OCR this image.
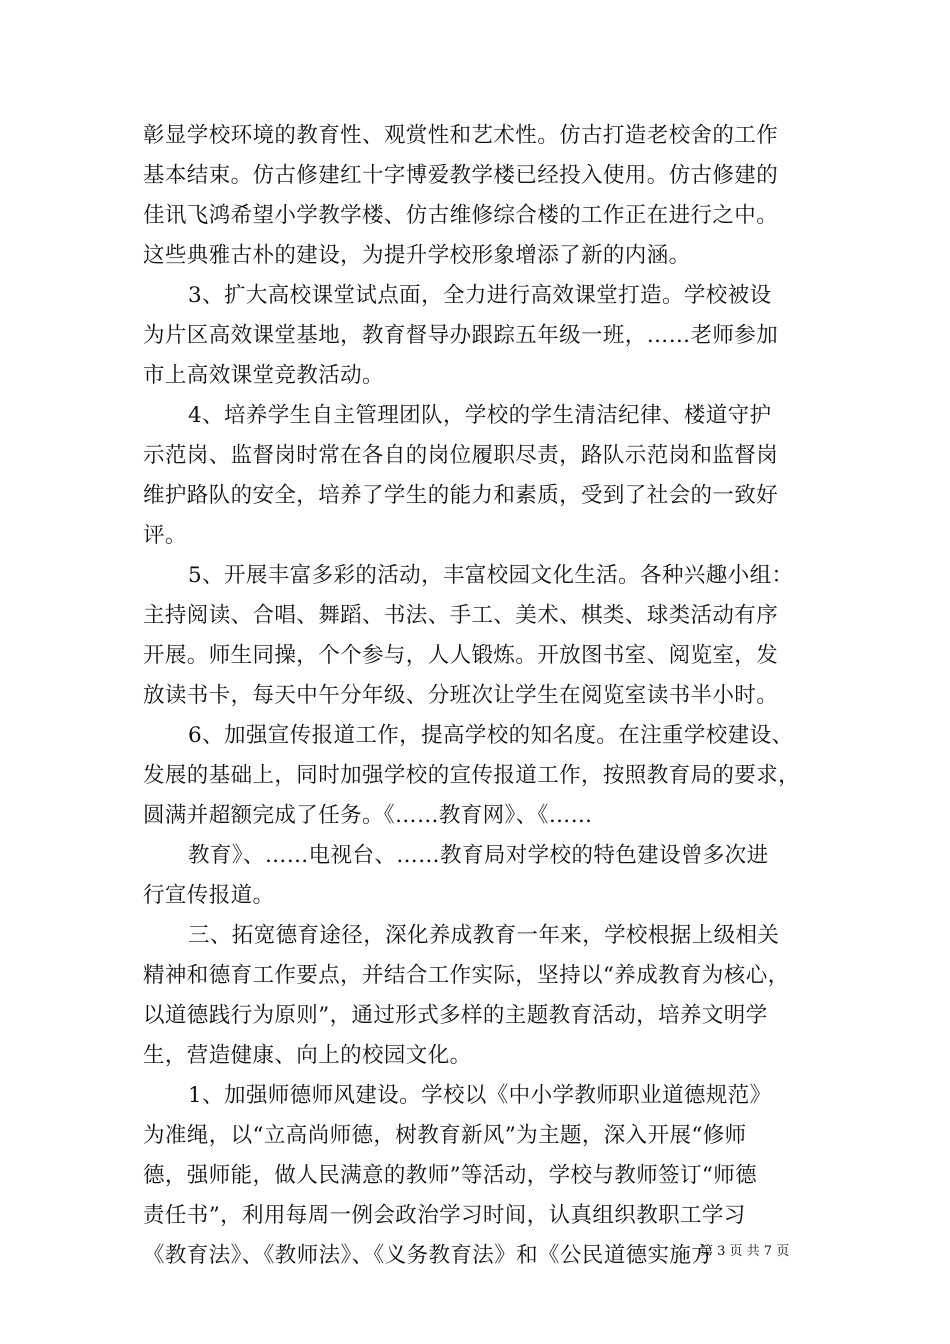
彰显学校环境的教育性、观赏性和艺术性。仿古打造老校舍的工作
基本结束。仿古修建红十字博爱教学楼已经投入使用。仿古修建的
佳讯飞鸿希望小学教学楼、仿古维修综合楼的工作正在进行之中。
这些典雅古朴的建设，为提升学校形象增添了新的内涵。
3、扩大高校课堂试点面，全力进行高效课堂打造。学校被设
为片区高效课堂基地，教育督导办跟踪五年级一班，……老师参加
市上高效课堂竞教活动。
4、培养学生自主管理团队，学校的学生清洁纪律、楼道守护
示范岗、监督岗时常在各自的岗位履职尽责，路队示范岗和监督岗
维护路队的安全，培养了学生的能力和素质，受到了社会的一致好
评。
5、开展丰富多彩的活动，丰富校园文化生活。各种兴趣小组：
主持阅读、合唱、舞蹈、书法、手工、美术、棋类、球类活动有序
开展。师生同操，个个参与，人人锻炼。开放图书室、阅览室，发
放读书卡，每天中午分年级、分班次让学生在阅览室读书半小时。
6、加强宣传报道工作，提高学校的知名度。在注重学校建设、
发展的基础上，同时加强学校的宣传报道工作，按照教育局的要求，
圆满并超额完成了任务。《……教育网》、《……
教育》、……电视台、……教育局对学校的特色建设曾多次进
行宣传报道。
三、拓宽德育途径，深化养成教育一年来，学校根据上级相关
精神和德育工作要点，并结合工作实际，坚持以“养成教育为核心，
以道德践行为原则”，通过形式多样的主题教育活动，培养文明学
生，营造健康、向上的校园文化。
1、加强师德师风建设。学校以《中小学教师职业道德规范》
为准绳，以“立高尚师德，树教育新风”为主题，深入开展“修师
德，强师能，做人民满意的教师”等活动，学校与教师签订“师德
责任书”，利用每周一例会政治学习时间，认真组织教职工学习
《教育法》、《教师法》、《义务教育法》和《公民道德实施方
第 3 页 共 7 页
